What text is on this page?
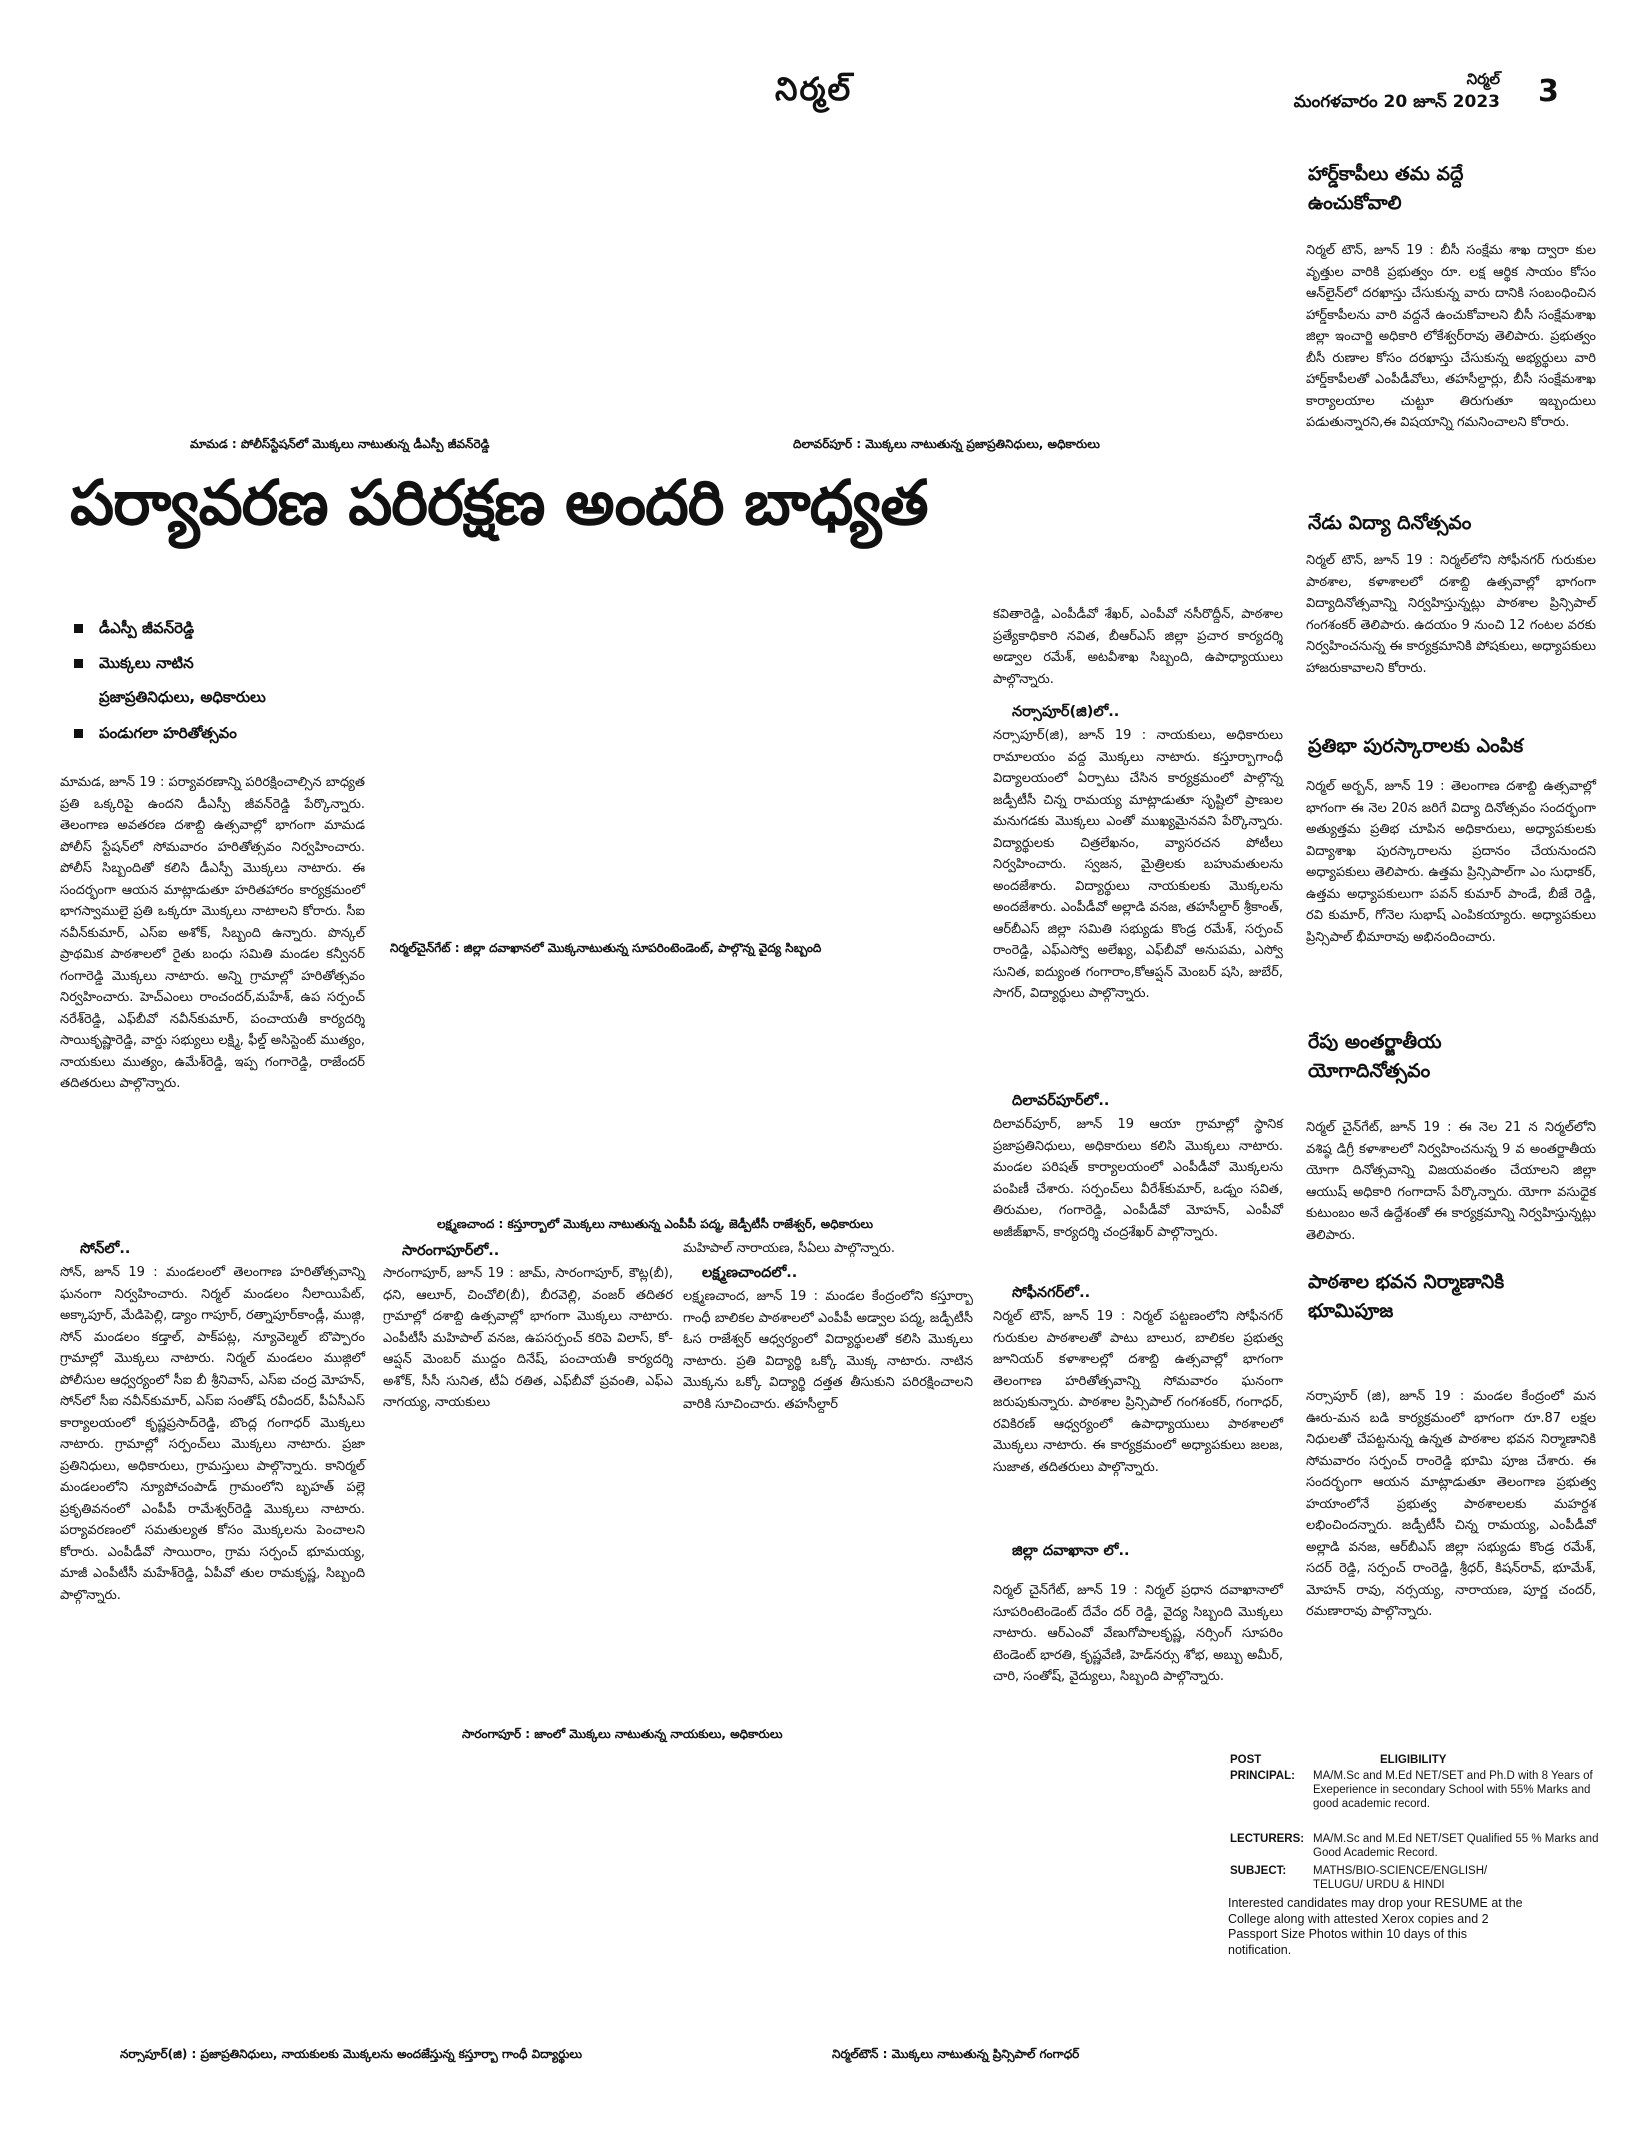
నిర్మల్	నిర్మల్
మంగళవారం 20 జూన్ 2023 3
మామడ : పోలీస్‌స్టేషన్‌లో మొక్కలు నాటుతున్న డీఎస్పీ జీవన్‌రెడ్డి	దిలావర్‌పూర్ : మొక్కలు నాటుతున్న ప్రజాప్రతినిధులు, అధికారులు
పర్యావరణ పరిరక్షణ అందరి బాధ్యత
డీఎస్పీ జీవన్‌రెడ్డి
మొక్కలు నాటిన
ప్రజాప్రతినిధులు, అధికారులు
పండుగలా హరితోత్సవం
మామడ, జూన్ 19 : పర్యావరణాన్ని పరిరక్షించాల్సిన బాధ్యత ప్రతి ఒక్కరిపై ఉందని డీఎస్పీ జీవన్‌రెడ్డి పేర్కొన్నారు. తెలంగాణ అవతరణ దశాబ్ది ఉత్సవాల్లో భాగంగా మామడ పోలీస్ స్టేషన్‌లో సోమవారం హరితోత్సవం నిర్వహించారు. పోలీస్ సిబ్బందితో కలిసి డీఎస్పీ మొక్కలు నాటారు. ఈ సందర్భంగా ఆయన మాట్లాడుతూ హరితహారం కార్యక్రమంలో భాగస్వాములై ప్రతి ఒక్కరూ మొక్కలు నాటాలని కోరారు. సీఐ నవీన్‌కుమార్, ఎస్ఐ అశోక్, సిబ్బంది ఉన్నారు. పొన్కల్ ప్రాథమిక పాఠశాలలో రైతు బంధు సమితి మండల కన్వీనర్ గంగారెడ్డి మొక్కలు నాటారు. అన్ని గ్రామాల్లో హరితోత్సవం నిర్వహించారు. హెచ్ఎంలు రాంచందర్,మహేశ్, ఉప సర్పంచ్ నరేశ్‌రెడ్డి, ఎఫ్‌బీవో నవీన్‌కుమార్, పంచాయతీ కార్యదర్శి సాయికృష్ణారెడ్డి, వార్డు సభ్యులు లక్ష్మి, ఫీల్డ్ అసిస్టెంట్ ముత్యం, నాయకులు ముత్యం, ఉమేశ్‌రెడ్డి, ఇప్ప గంగారెడ్డి, రాజేందర్ తదితరులు పాల్గొన్నారు.
సోన్‌లో..
సోన్, జూన్ 19 : మండలంలో తెలంగాణ హరితోత్సవాన్ని ఘనంగా నిర్వహించారు. నిర్మల్ మండలం నీలాయిపేట్, అక్కాపూర్, మేడిపెల్లి, డ్యాం గాపూర్, రత్నాపూర్‌కాండ్లీ, ముజ్గి, సోన్ మండలం కడ్తాల్, పాక్‌పట్ల, న్యూవెల్మల్ బొప్పారం గ్రామాల్లో మొక్కలు నాటారు. నిర్మల్ మండలం ముజ్గిలో పోలీసుల ఆధ్వర్యంలో సీఐ బీ శ్రీనివాస్, ఎస్ఐ చంద్ర మోహన్, సోన్‌లో సీఐ నవీన్‌కుమార్, ఎస్ఐ సంతోష్ రవీందర్, పీఏసీఎస్ కార్యాలయంలో కృష్ణప్రసాద్‌రెడ్డి, బొంద్ల గంగాధర్ మొక్కలు నాటారు. గ్రామాల్లో సర్పంచ్‌లు మొక్కలు నాటారు. ప్రజా ప్రతినిధులు, అధికారులు, గ్రామస్తులు పాల్గొన్నారు. కానిర్మల్ మండలంలోని న్యూపోచంపాడ్ గ్రామంలోని బృహత్ పల్లె ప్రకృతివనంలో ఎంపీపీ రామేశ్వర్‌రెడ్డి మొక్కలు నాటారు. పర్యావరణంలో సమతుల్యత కోసం మొక్కలను పెంచాలని కోరారు. ఎంపీడీవో సాయిరాం, గ్రామ సర్పంచ్ భూమయ్య, మాజీ ఎంపీటీసీ మహేశ్‌రెడ్డి, ఏపీవో తుల రామకృష్ణ, సిబ్బంది పాల్గొన్నారు.
నిర్మల్‌చైన్‌గేట్ : జిల్లా దవాఖానలో మొక్కనాటుతున్న సూపరింటెండెంట్, పాల్గొన్న వైద్య సిబ్బంది
లక్ష్మణచాంద : కస్తూర్బాలో మొక్కలు నాటుతున్న ఎంపీపీ పద్మ, జెడ్పీటీసీ రాజేశ్వర్, అధికారులు
సారంగాపూర్‌లో..
సారంగాపూర్, జూన్ 19 : జామ్, సారంగాపూర్, కౌట్ల(బీ), ధని, ఆలూర్, చించోలి(బీ), బీరవెల్లి, వంజర్ తదితర గ్రామాల్లో దశాబ్ది ఉత్సవాల్లో భాగంగా మొక్కలు నాటారు. ఎంపీటీసీ మహిపాల్ వనజ, ఉపసర్పంచ్ కరిపె విలాస్, కో-ఆప్షన్ మెంబర్ ముద్దం దినేష్, పంచాయతీ కార్యదర్శి అశోక్, సీసీ సునిత, టీఏ రతిత, ఎఫ్‌బీవో ప్రవంతి, ఎఫ్ఎ నాగయ్య, నాయకులు
మహిపాల్ నారాయణ, సీఏలు పాల్గొన్నారు.
లక్ష్మణచాందలో..
లక్ష్మణచాంద, జూన్ 19 : మండల కేంద్రంలోని కస్తూర్బా గాంధీ బాలికల పాఠశాలలో ఎంపీపీ అడ్వాల పద్మ, జడ్పీటీసీ ఓస రాజేశ్వర్ ఆధ్వర్యంలో విద్యార్థులతో కలిసి మొక్కలు నాటారు. ప్రతి విద్యార్థి ఒక్కో మొక్క నాటారు. నాటిన మొక్కను ఒక్కో విద్యార్థి దత్తత తీసుకుని పరిరక్షించాలని వారికి సూచించారు. తహసీల్దార్
సారంగాపూర్ : జాంలో మొక్కలు నాటుతున్న నాయకులు, అధికారులు
కవితారెడ్డి, ఎంపీడీవో శేఖర్, ఎంపీవో నసీరొద్దీన్, పాఠశాల ప్రత్యేకాధికారి నవిత, బీఆర్ఎస్ జిల్లా ప్రచార కార్యదర్శి అడ్వాల రమేశ్, అటవీశాఖ సిబ్బంది, ఉపాధ్యాయులు పాల్గొన్నారు.
నర్సాపూర్(జి)లో..
నర్సాపూర్(జి), జూన్ 19 : నాయకులు, అధికారులు రామాలయం వద్ద మొక్కలు నాటారు. కస్తూర్బాగాంధీ విద్యాలయంలో ఏర్పాటు చేసిన కార్యక్రమంలో పాల్గొన్న జడ్పీటీసీ చిన్న రామయ్య మాట్లాడుతూ సృష్టిలో ప్రాణుల మనుగడకు మొక్కలు ఎంతో ముఖ్యమైనవని పేర్కొన్నారు. విద్యార్థులకు చిత్రలేఖనం, వ్యాసరచన పోటీలు నిర్వహించారు. స్వజన, మైత్రిలకు బహుమతులను అందజేశారు. విద్యార్థులు నాయకులకు మొక్కలను అందజేశారు. ఎంపీడీవో అల్లాడి వనజ, తహసీల్దార్ శ్రీకాంత్, ఆర్‌బీఎస్ జిల్లా సమితి సభ్యుడు కొండ్ర రమేశ్, సర్పంచ్ రాంరెడ్డి, ఎఫ్ఎస్వో అలేఖ్య, ఎఫ్‌బీవో అనుపమ, ఎస్వో సునిత, ఐద్యుంత గంగారాం,కోఆప్షన్ మెంబర్ షసి, జుబేర్, సాగర్, విద్యార్థులు పాల్గొన్నారు.
దిలావర్‌పూర్‌లో..
దిలావర్‌పూర్, జూన్ 19 ఆయా గ్రామాల్లో స్థానిక ప్రజాప్రతినిధులు, అధికారులు కలిసి మొక్కలు నాటారు. మండల పరిషత్ కార్యాలయంలో ఎంపీడీవో మొక్కలను పంపిణీ చేశారు. సర్పంచ్‌లు వీరేశ్‌కుమార్, ఒడ్నం సవిత, తిరుమల, గంగారెడ్డి, ఎంపీడీవో మోహన్, ఎంపీవో అజీజ్‌ఖాన్, కార్యదర్శి చంద్రశేఖర్ పాల్గొన్నారు.
సోఫీనగర్‌లో..
నిర్మల్ టౌన్, జూన్ 19 : నిర్మల్ పట్టణంలోని సోఫీనగర్ గురుకుల పాఠశాలతో పాటు బాలుర, బాలికల ప్రభుత్వ జూనియర్ కళాశాలల్లో దశాబ్ది ఉత్సవాల్లో భాగంగా తెలంగాణ హరితోత్సవాన్ని సోమవారం ఘనంగా జరుపుకున్నారు. పాఠశాల ప్రిన్సిపాల్ గంగశంకర్, గంగాధర్, రవికిరణ్ ఆధ్వర్యంలో ఉపాధ్యాయులు పాఠశాలలో మొక్కలు నాటారు. ఈ కార్యక్రమంలో అధ్యాపకులు జలజ, సుజాత, తదితరులు పాల్గొన్నారు.
జిల్లా దవాఖానా లో..
నిర్మల్ చైన్‌గేట్, జూన్ 19 : నిర్మల్ ప్రధాన దవాఖానాలో సూపరింటెండెంట్ దేవేం దర్ రెడ్డి, వైద్య సిబ్బంది మొక్కలు నాటారు. ఆర్ఎంవో వేణుగోపాలకృష్ణ, నర్సింగ్ సూపరిం టెండెంట్ భారతి, కృష్ణవేణి, హెడ్‌నర్సు శోభ, అబ్బు అమీర్, చారి, సంతోష్, వైద్యులు, సిబ్బంది పాల్గొన్నారు.
హార్డ్‌కాపీలు తమ వద్దే ఉంచుకోవాలి
నిర్మల్ టౌన్, జూన్ 19 : బీసీ సంక్షేమ శాఖ ద్వారా కుల వృత్తుల వారికి ప్రభుత్వం రూ. లక్ష ఆర్థిక సాయం కోసం ఆన్‌లైన్‌లో దరఖాస్తు చేసుకున్న వారు దానికి సంబంధించిన హార్డ్‌కాపీలను వారి వద్దనే ఉంచుకోవాలని బీసీ సంక్షేమశాఖ జిల్లా ఇంచార్జి అధికారి లోకేశ్వర్‌రావు తెలిపారు. ప్రభుత్వం బీసీ రుణాల కోసం దరఖాస్తు చేసుకున్న అభ్యర్థులు వారి హార్డ్‌కాపీలతో ఎంపీడీవోలు, తహసీల్దార్లు, బీసీ సంక్షేమశాఖ కార్యాలయాల చుట్టూ తిరుగుతూ ఇబ్బందులు పడుతున్నారని,ఈ విషయాన్ని గమనించాలని కోరారు.
నేడు విద్యా దినోత్సవం
నిర్మల్ టౌన్, జూన్ 19 : నిర్మల్‌లోని సోఫీనగర్ గురుకుల పాఠశాల, కళాశాలలో దశాబ్ది ఉత్సవాల్లో భాగంగా విద్యాదినోత్సవాన్ని నిర్వహిస్తున్నట్లు పాఠశాల ప్రిన్సిపాల్ గంగశంకర్ తెలిపారు. ఉదయం 9 నుంచి 12 గంటల వరకు నిర్వహించనున్న ఈ కార్యక్రమానికి పోషకులు, అధ్యాపకులు హాజరుకావాలని కోరారు.
ప్రతిభా పురస్కారాలకు ఎంపిక
నిర్మల్ అర్బన్, జూన్ 19 : తెలంగాణ దశాబ్ది ఉత్సవాల్లో భాగంగా ఈ నెల 20న జరిగే విద్యా దినోత్సవం సందర్భంగా అత్యుత్తమ ప్రతిభ చూపిన అధికారులు, అధ్యాపకులకు విద్యాశాఖ పురస్కారాలను ప్రదానం చేయనుందని అధ్యాపకులు తెలిపారు. ఉత్తమ ప్రిన్సిపాల్‌గా ఎం సుధాకర్, ఉత్తమ అధ్యాపకులుగా పవన్ కుమార్ పాండే, బీజే రెడ్డి, రవి కుమార్, గోనెల సుభాష్ ఎంపికయ్యారు. అధ్యాపకులు ప్రిన్సిపాల్ భీమారావు అభినందించారు.
రేపు అంతర్జాతీయ యోగాదినోత్సవం
నిర్మల్ చైన్‌గేట్, జూన్ 19 : ఈ నెల 21 న నిర్మల్‌లోని వశిష్ఠ డిగ్రీ కళాశాలలో నిర్వహించనున్న 9 వ అంతర్జాతీయ యోగా దినోత్సవాన్ని విజయవంతం చేయాలని జిల్లా ఆయుష్ అధికారి గంగాదాస్ పేర్కొన్నారు. యోగా వసుధైక కుటుంబం అనే ఉద్దేశంతో ఈ కార్యక్రమాన్ని నిర్వహిస్తున్నట్లు తెలిపారు.
పాఠశాల భవన నిర్మాణానికి భూమిపూజ
నర్సాపూర్ (జి), జూన్ 19 : మండల కేంద్రంలో మన ఊరు-మన బడి కార్యక్రమంలో భాగంగా రూ.87 లక్షల నిధులతో చేపట్టనున్న ఉన్నత పాఠశాల భవన నిర్మాణానికి సోమవారం సర్పంచ్ రాంరెడ్డి భూమి పూజ చేశారు. ఈ సందర్భంగా ఆయన మాట్లాడుతూ తెలంగాణ ప్రభుత్వ హయాంలోనే ప్రభుత్వ పాఠశాలలకు మహర్దశ లభించిందన్నారు. జడ్పీటీసీ చిన్న రామయ్య, ఎంపీడీవో అల్లాడి వనజ, ఆర్‌బీఎస్ జిల్లా సభ్యుడు కొండ్ర రమేశ్, సదర్ రెడ్డి, సర్పంచ్ రాంరెడ్డి, శ్రీధర్, కిషన్‌రావ్, భూమేశ్, మోహన్ రావు, నర్సయ్య, నారాయణ, పూర్ణ చందర్, రమణారావు పాల్గొన్నారు.
POST	ELIGIBILITY
PRINCIPAL: MA/M.Sc and M.Ed NET/SET and Ph.D with 8 Years of Exeperience in secondary School with 55% Marks and good academic record.
LECTURERS: MA/M.Sc and M.Ed NET/SET Qualified 55 % Marks and Good Academic Record.
SUBJECT: MATHS/BIO-SCIENCE/ENGLISH/ TELUGU/ URDU & HINDI
Interested candidates may drop your RESUME at the College along with attested Xerox copies and 2 Passport Size Photos within 10 days of this notification.
నర్సాపూర్(జి) : ప్రజాప్రతినిధులు, నాయకులకు మొక్కలను అందజేస్తున్న కస్తూర్బా గాంధీ విద్యార్థులు	నిర్మల్‌టౌన్ : మొక్కలు నాటుతున్న ప్రిన్సిపాల్ గంగాధర్
